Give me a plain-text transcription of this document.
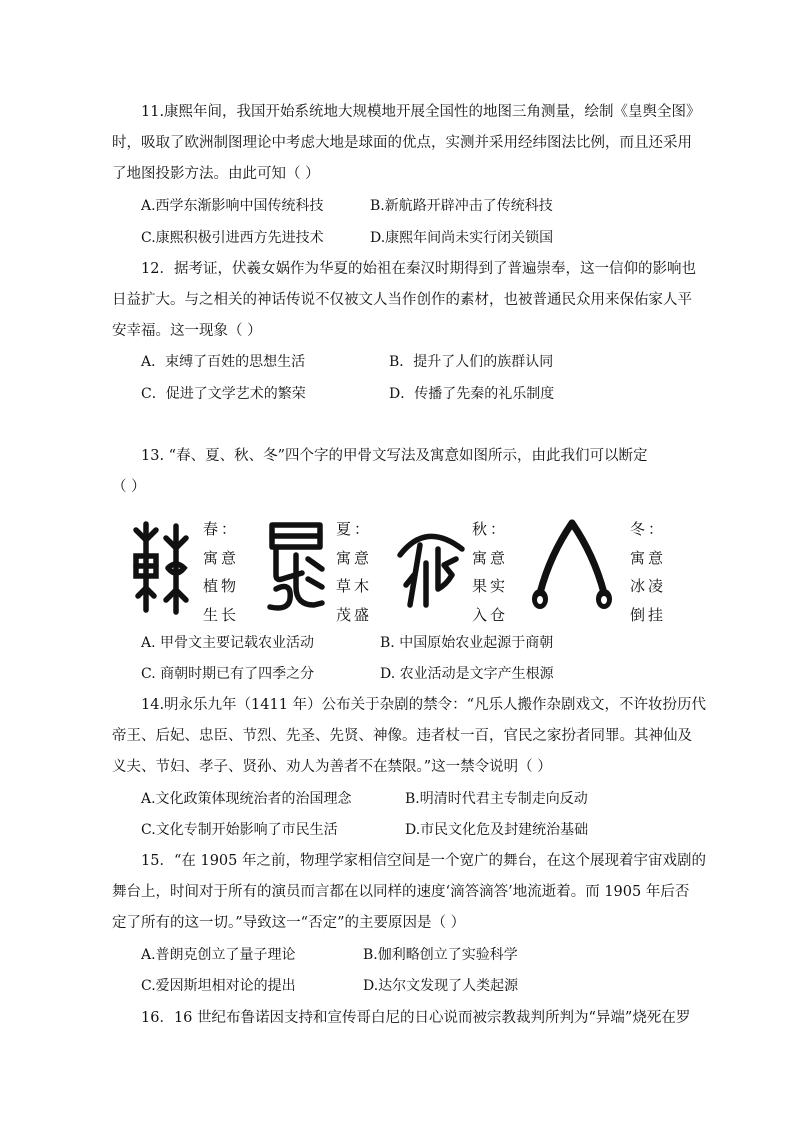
11.康熙年间，我国开始系统地大规模地开展全国性的地图三角测量，绘制《皇舆全图》
时，吸取了欧洲制图理论中考虑大地是球面的优点，实测并采用经纬图法比例，而且还采用
了地图投影方法。由此可知（ ）
A.西学东渐影响中国传统科技	B.新航路开辟冲击了传统科技
C.康熙积极引进西方先进技术	D.康熙年间尚未实行闭关锁国
12．据考证，伏羲女娲作为华夏的始祖在秦汉时期得到了普遍崇奉，这一信仰的影响也
日益扩大。与之相关的神话传说不仅被文人当作创作的素材，也被普通民众用来保佑家人平
安幸福。这一现象（ ）
A．束缚了百姓的思想生活	B．提升了人们的族群认同
C．促进了文学艺术的繁荣	D．传播了先秦的礼乐制度
13. “春、夏、秋、冬”四个字的甲骨文写法及寓意如图所示，由此我们可以断定
（ ）
春：
寓意
植物
生长
夏：
寓意
草木
茂盛
秋：
寓意
果实
入仓
冬：
寓意
冰凌
倒挂
A. 甲骨文主要记载农业活动	B. 中国原始农业起源于商朝
C. 商朝时期已有了四季之分	D. 农业活动是文字产生根源
14.明永乐九年（1411 年）公布关于杂剧的禁令：“凡乐人搬作杂剧戏文，不许妆扮历代
帝王、后妃、忠臣、节烈、先圣、先贤、神像。违者杖一百，官民之家扮者同罪。其神仙及
义夫、节妇、孝子、贤孙、劝人为善者不在禁限。”这一禁令说明（ ）
A.文化政策体现统治者的治国理念	B.明清时代君主专制走向反动
C.文化专制开始影响了市民生活	D.市民文化危及封建统治基础
15．“在 1905 年之前，物理学家相信空间是一个宽广的舞台，在这个展现着宇宙戏剧的
舞台上，时间对于所有的演员而言都在以同样的速度‘滴答滴答’地流逝着。而 1905 年后否
定了所有的这一切。”导致这一“否定”的主要原因是（ ）
A.普朗克创立了量子理论	B.伽利略创立了实验科学
C.爱因斯坦相对论的提出	D.达尔文发现了人类起源
16．16 世纪布鲁诺因支持和宣传哥白尼的日心说而被宗教裁判所判为“异端”烧死在罗
